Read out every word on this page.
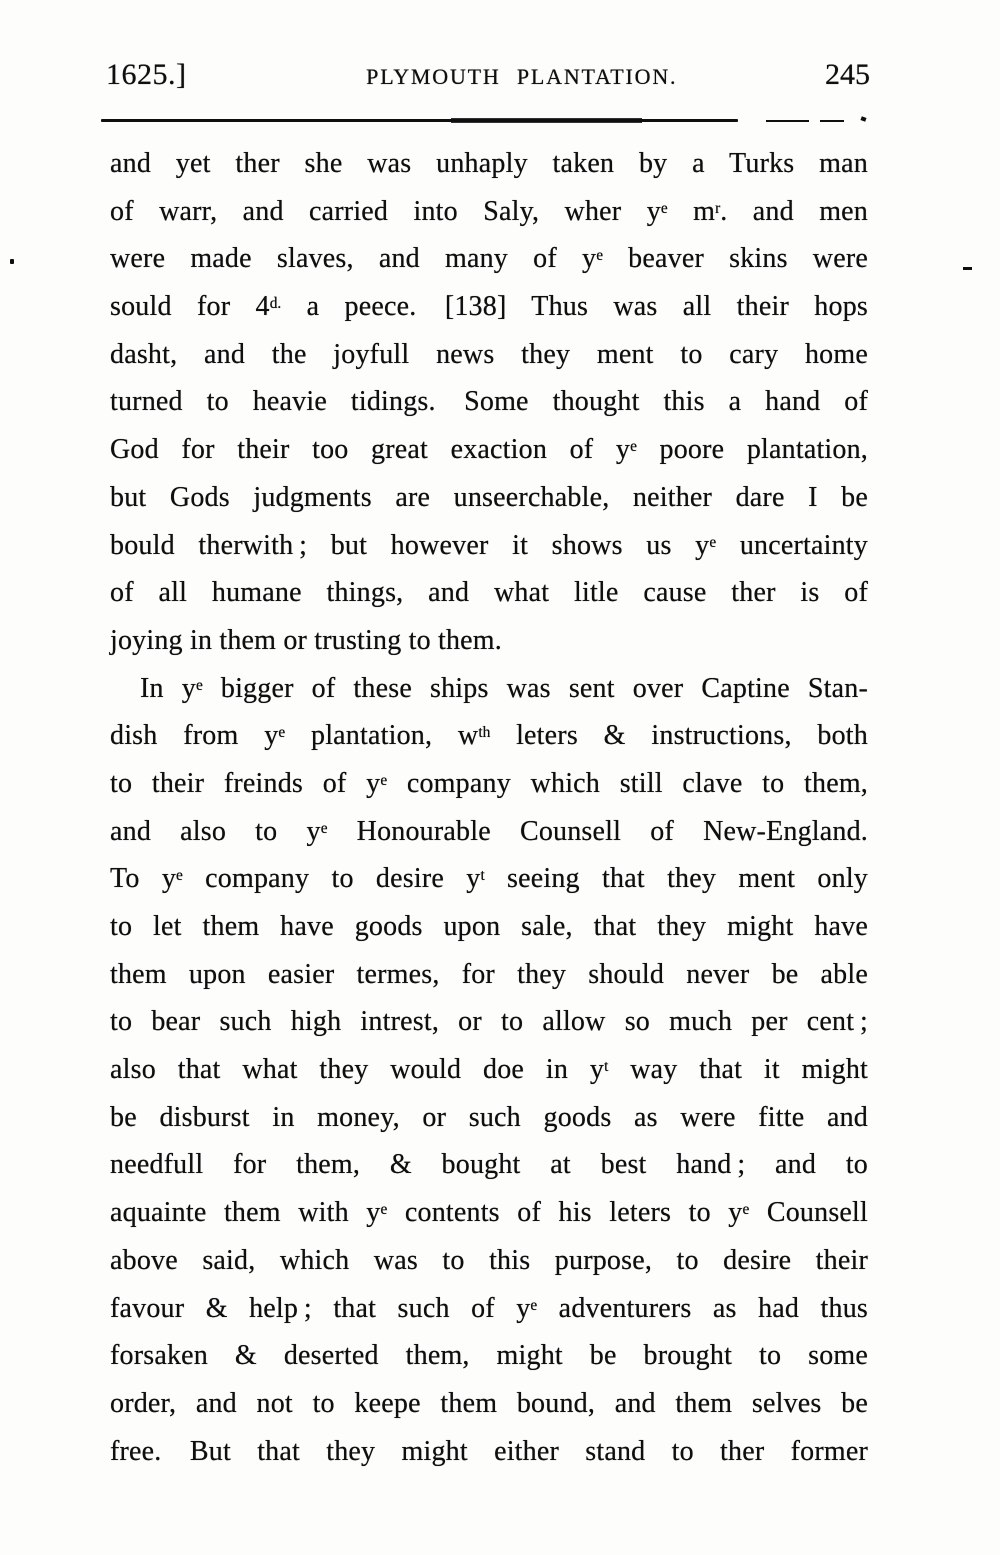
1625.]	PLYMOUTH PLANTATION.	245
and yet ther she was unhaply taken by a Turks man
of warr, and carried into Saly, wher $y^e$ $m^r$. and men
were made slaves, and many of $y^e$ beaver skins were
sould for $4^{d.}$ a peece.  [138] Thus was all their hops
dasht, and the joyfull news they ment to cary home
turned to heavie tidings.  Some thought this a hand of
God for their too great exaction of $y^e$ poore plantation,
but Gods judgments are unseerchable, neither dare I be
bould therwith ; but however it shows us $y^e$ uncertainty
of all humane things, and what litle cause ther is of
joying in them or trusting to them.
In $y^e$ bigger of these ships was sent over Captine Stan-
dish from $y^e$ plantation, $w^{th}$ leters & instructions, both
to their freinds of $y^e$ company which still clave to them,
and also to $y^e$ Honourable Counsell of New-England.
To $y^e$ company to desire $y^t$ seeing that they ment only
to let them have goods upon sale, that they might have
them upon easier termes, for they should never be able
to bear such high intrest, or to allow so much per cent ;
also that what they would doe in $y^t$ way that it might
be disburst in money, or such goods as were fitte and
needfull for them, & bought at best hand ; and to
aquainte them with $y^e$ contents of his leters to $y^e$ Counsell
above said, which was to this purpose, to desire their
favour & help ; that such of $y^e$ adventurers as had thus
forsaken & deserted them, might be brought to some
order, and not to keepe them bound, and them selves be
free.  But that they might either stand to ther former
